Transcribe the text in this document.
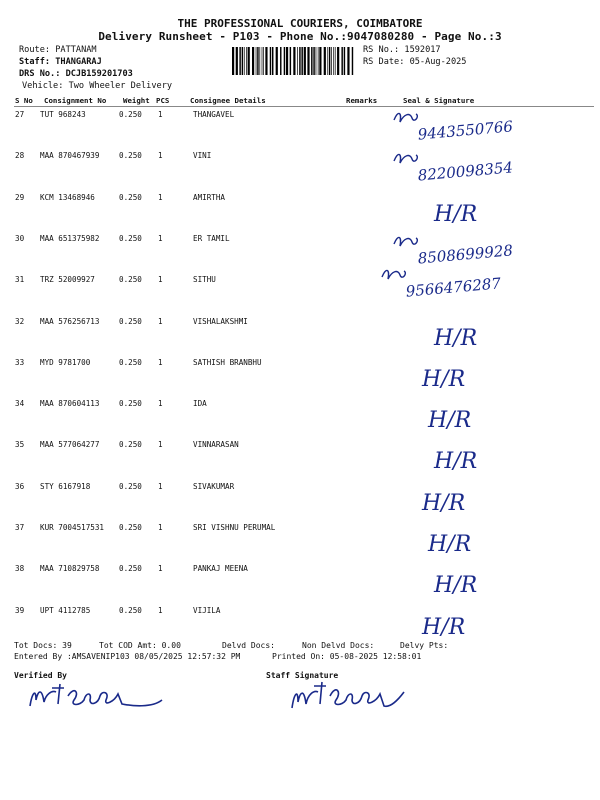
THE PROFESSIONAL COURIERS, COIMBATORE
Delivery Runsheet - P103 - Phone No.:9047080280 - Page No.:3
Route: PATTANAM
Staff: THANGARAJ
DRS No.: DCJB159201703
Vehicle: Two Wheeler Delivery
RS No.: 1592017
RS Date: 05-Aug-2025
S No Consignment No Weight PCS	Consignee Details	Remarks	Seal & Signature
27 TUT 968243	0.250 1	THANGAVEL
9443550766
28 MAA 870467939	0.250 1	VINI
8220098354
29 KCM 13468946	0.250 1	AMIRTHA
H/R
30 MAA 651375982	0.250 1	ER TAMIL
8508699928
31 TRZ 52009927	0.250 1	SITHU	9566476287
32 MAA 576256713	0.250 1	VISHALAKSHMI
H/R
33 MYD 9781700	0.250 1	SATHISH BRANBHU
H/R
34 MAA 870604113	0.250 1	IDA
H/R
35 MAA 577064277	0.250 1	VINNARASAN
H/R
36 STY 6167918	0.250 1	SIVAKUMAR
H/R
37 KUR 7004517531 0.250 1	SRI VISHNU PERUMAL
H/R
38 MAA 710829758	0.250 1	PANKAJ MEENA
H/R
39 UPT 4112785	0.250 1	VIJILA
H/R
Tot Docs: 39	Tot COD Amt: 0.00	Delvd Docs:	Non Delvd Docs:	Delvy Pts:
Entered By :AMSAVENIP103 08/05/2025 12:57:32 PM	Printed On: 05-08-2025 12:58:01
Verified By	Staff Signature
